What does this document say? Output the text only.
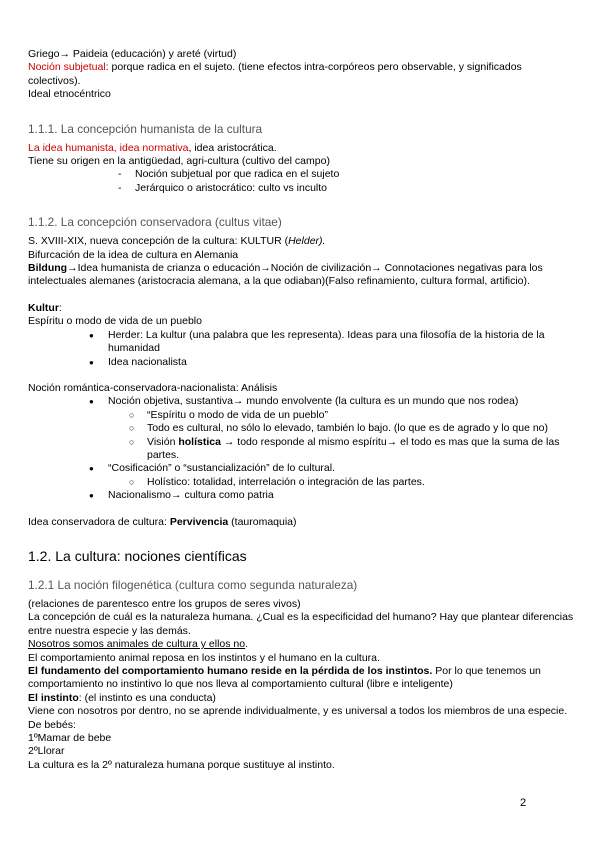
Griego→ Paideia (educación) y areté (virtud)

Noción subjetual: porque radica en el sujeto. (tiene efectos intra-corpóreos pero observable, y significados colectivos).

Ideal etnocéntrico

1.1.1. La concepción humanista de la cultura

La idea humanista, idea normativa, idea aristocrática.

Tiene su origen en la antigüedad, agri-cultura (cultivo del campo)

- Noción subjetual por que radica en el sujeto
- Jerárquico o aristocrático: culto vs inculto
1.1.2. La concepción conservadora (cultus vitae)

S. XVIII-XIX, nueva concepción de la cultura: KULTUR (Helder).

Bifurcación de la idea de cultura en Alemania

Bildung→Idea humanista de crianza o educación→Noción de civilización→ Connotaciones negativas para los intelectuales alemanes (aristocracia alemana, a la que odiaban)(Falso refinamiento, cultura formal, artificio).

Kultur:

Espíritu o modo de vida de un pueblo

● Herder: La kultur (una palabra que les representa). Ideas para una filosofía de la historia de la humanidad
● Idea nacionalista

Noción romántica-conservadora-nacionalista: Análisis

● Noción objetiva, sustantiva→ mundo envolvente (la cultura es un mundo que nos rodea)
○ “Espíritu o modo de vida de un pueblo”
○ Todo es cultural, no sólo lo elevado, también lo bajo. (lo que es de agrado y lo que no)
○ Visión holística → todo responde al mismo espíritu→ el todo es mas que la suma de las partes.
● “Cosificación” o “sustancialización” de lo cultural.
○ Holístico: totalidad, interrelación o integración de las partes.
● Nacionalismo→ cultura como patria

Idea conservadora de cultura: Pervivencia (tauromaquia)

1.2. La cultura: nociones científicas
1.2.1 La noción filogenética (cultura como segunda naturaleza)

(relaciones de parentesco entre los grupos de seres vivos)

La concepción de cuál es la naturaleza humana. ¿Cual es la especificidad del humano? Hay que plantear diferencias entre nuestra especie y las demás.

Nosotros somos animales de cultura y ellos no.

El comportamiento animal reposa en los instintos y el humano en la cultura.

El fundamento del comportamiento humano reside en la pérdida de los instintos. Por lo que tenemos un comportamiento no instintivo lo que nos lleva al comportamiento cultural (libre e inteligente)

El instinto: (el instinto es una conducta)

Viene con nosotros por dentro, no se aprende individualmente, y es universal a todos los miembros de una especie.

De bebés:

1ºMamar de bebe

2ºLlorar

La cultura es la 2º naturaleza humana porque sustituye al instinto.

2
